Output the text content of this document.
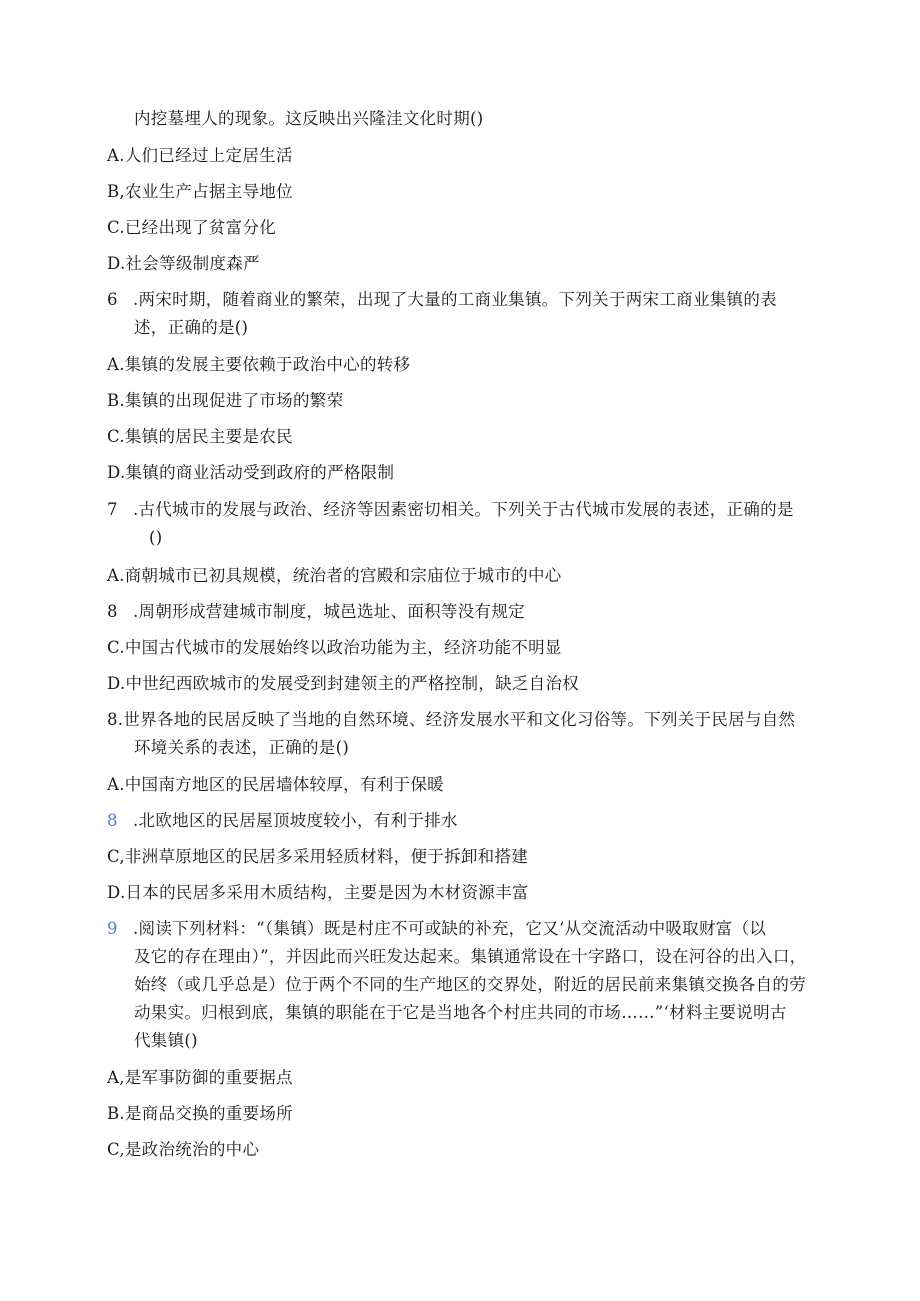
内挖墓埋人的现象。这反映出兴隆洼文化时期()
A.人们已经过上定居生活
B,农业生产占据主导地位
C.已经出现了贫富分化
D.社会等级制度森严
6 .两宋时期，随着商业的繁荣，出现了大量的工商业集镇。下列关于两宋工商业集镇的表
述，正确的是()
A.集镇的发展主要依赖于政治中心的转移
B.集镇的出现促进了市场的繁荣
C.集镇的居民主要是农民
D.集镇的商业活动受到政府的严格限制
7 .古代城市的发展与政治、经济等因素密切相关。下列关于古代城市发展的表述，正确的是
()
A.商朝城市已初具规模，统治者的宫殿和宗庙位于城市的中心
8 .周朝形成营建城市制度，城邑选址、面积等没有规定
C.中国古代城市的发展始终以政治功能为主，经济功能不明显
D.中世纪西欧城市的发展受到封建领主的严格控制，缺乏自治权
8.世界各地的民居反映了当地的自然环境、经济发展水平和文化习俗等。下列关于民居与自然
环境关系的表述，正确的是()
A.中国南方地区的民居墙体较厚，有利于保暖
8 .北欧地区的民居屋顶坡度较小，有利于排水
C,非洲草原地区的民居多采用轻质材料，便于拆卸和搭建
D.日本的民居多采用木质结构，主要是因为木材资源丰富
9 .阅读下列材料：“（集镇）既是村庄不可或缺的补充，它又‘从交流活动中吸取财富（以
及它的存在理由）”，并因此而兴旺发达起来。集镇通常设在十字路口，设在河谷的出入口，
始终（或几乎总是）位于两个不同的生产地区的交界处，附近的居民前来集镇交换各自的劳
动果实。归根到底，集镇的职能在于它是当地各个村庄共同的市场……”‘材料主要说明古
代集镇()
A,是军事防御的重要据点
B.是商品交换的重要场所
C,是政治统治的中心
